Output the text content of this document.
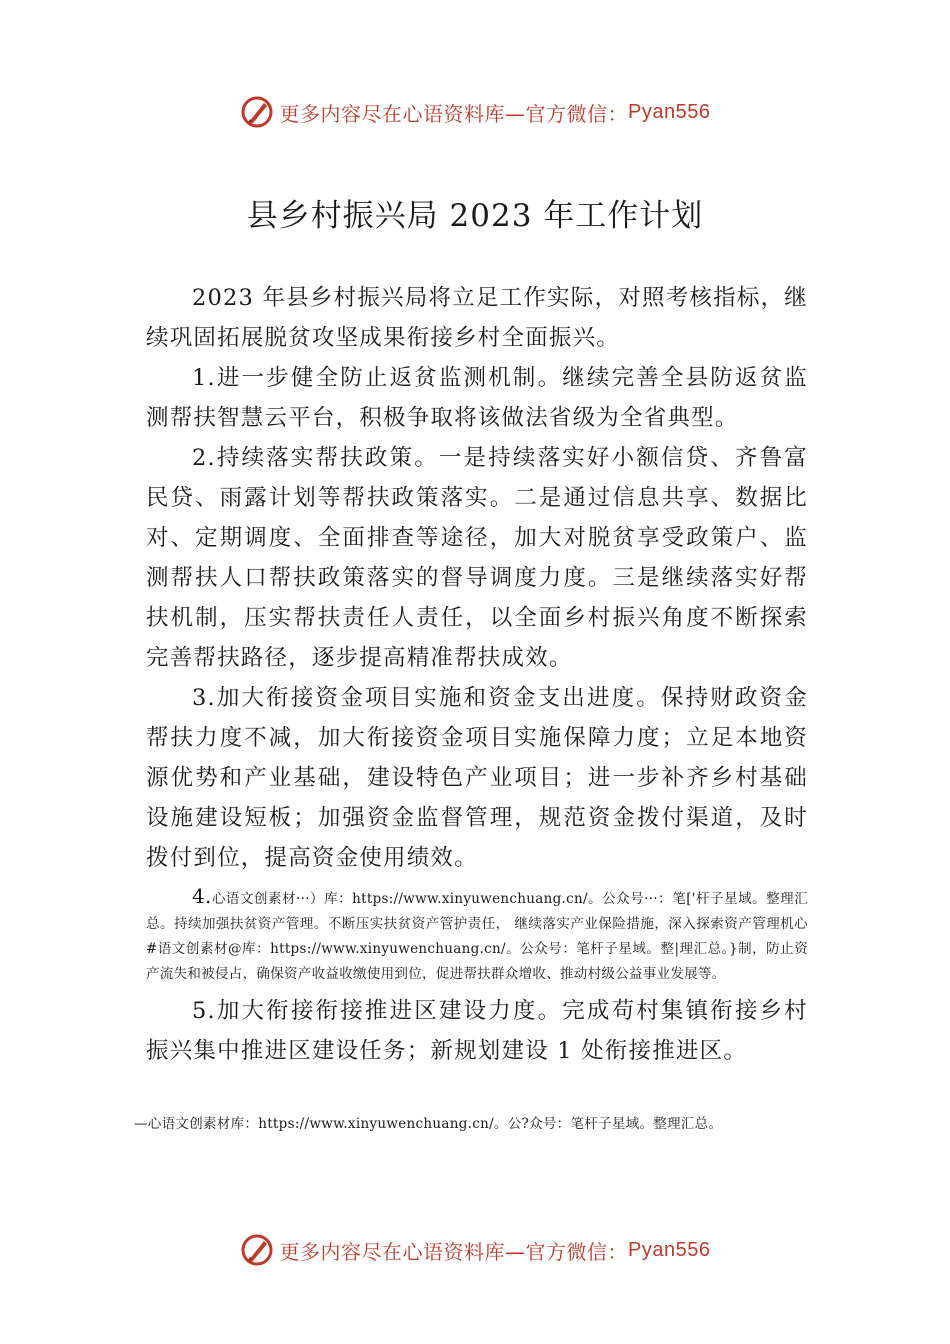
更多内容尽在心语资料库—官方微信： Pyan556
县乡村振兴局 2023 年工作计划

2023 年县乡村振兴局将立足工作实际，对照考核指标，继续巩固拓展脱贫攻坚成果衔接乡村全面振兴。

1.进一步健全防止返贫监测机制。继续完善全县防返贫监测帮扶智慧云平台，积极争取将该做法省级为全省典型。

2.持续落实帮扶政策。一是持续落实好小额信贷、齐鲁富民贷、雨露计划等帮扶政策落实。二是通过信息共享、数据比对、定期调度、全面排查等途径，加大对脱贫享受政策户、监测帮扶人口帮扶政策落实的督导调度力度。三是继续落实好帮扶机制，压实帮扶责任人责任，以全面乡村振兴角度不断探索完善帮扶路径，逐步提高精准帮扶成效。

3.加大衔接资金项目实施和资金支出进度。保持财政资金帮扶力度不减，加大衔接资金项目实施保障力度；立足本地资源优势和产业基础，建设特色产业项目；进一步补齐乡村基础设施建设短板；加强资金监督管理，规范资金拨付渠道，及时拨付到位，提高资金使用绩效。

4.心语文创素材···）库：https://www.xinyuwenchuang.cn/。公众号···：笔['杆子星域。整理汇总。持续加强扶贫资产管理。不断压实扶贫资产管护责任， 继续落实产业保险措施，深入探索资产管理机心#语文创素材@库：https://www.xinyuwenchuang.cn/。公众号：笔杆子星域。整|理汇总。}制，防止资产流失和被侵占，确保资产收益收缴使用到位，促进帮扶群众增收、推动村级公益事业发展等。

5.加大衔接衔接推进区建设力度。完成苟村集镇衔接乡村振兴集中推进区建设任务；新规划建设 1 处衔接推进区。

—心语文创素材库：https://www.xinyuwenchuang.cn/。公?众号：笔杆子星域。整理汇总。

更多内容尽在心语资料库—官方微信： Pyan556
